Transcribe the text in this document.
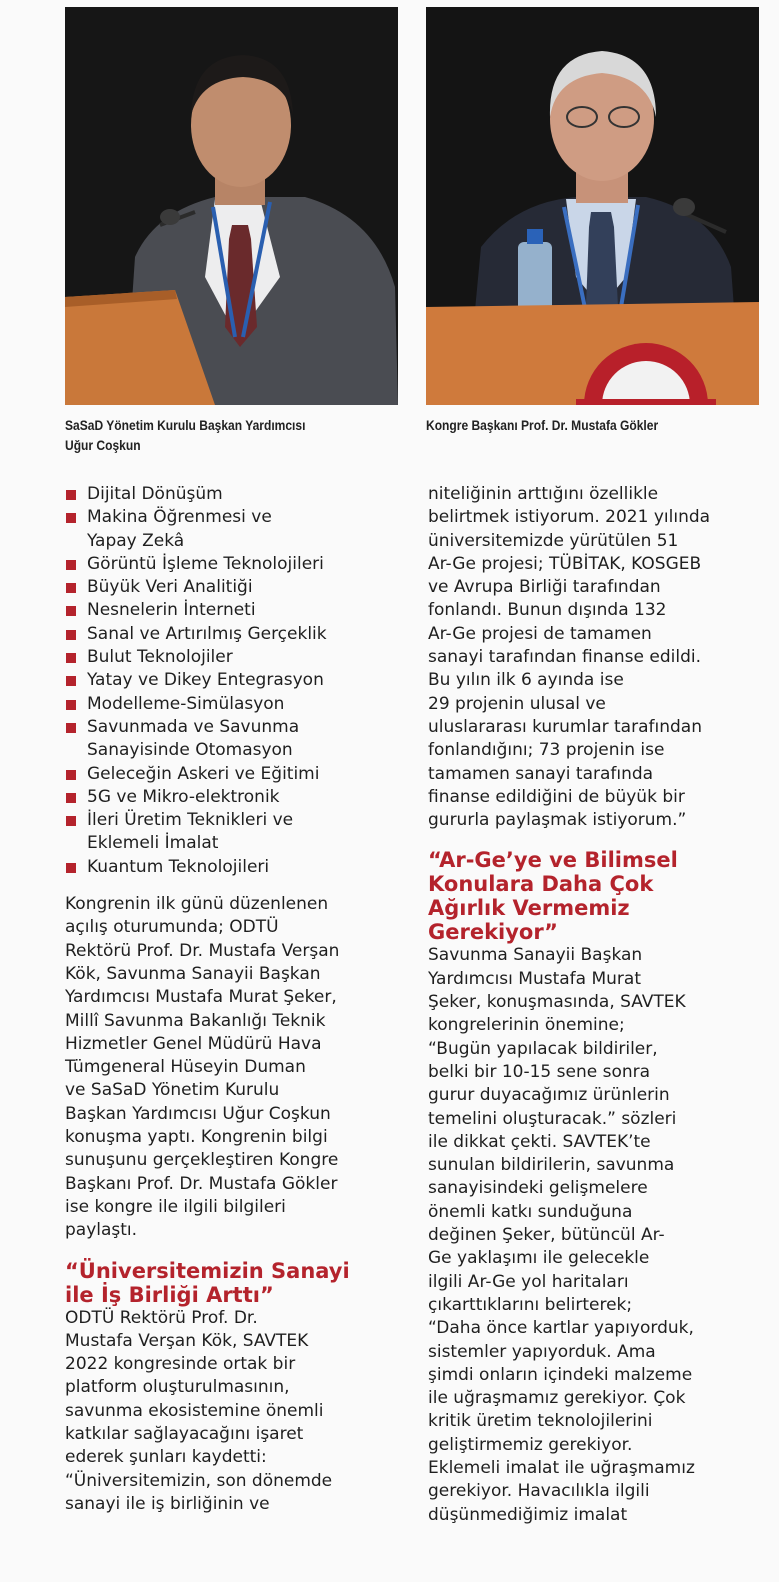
SaSaD Yönetim Kurulu Başkan Yardımcısı
Uğur Coşkun
Kongre Başkanı Prof. Dr. Mustafa Gökler
Dijital Dönüşüm
Makina Öğrenmesi ve
Yapay Zekâ
Görüntü İşleme Teknolojileri
Büyük Veri Analitiği
Nesnelerin İnterneti
Sanal ve Artırılmış Gerçeklik
Bulut Teknolojiler
Yatay ve Dikey Entegrasyon
Modelleme-Simülasyon
Savunmada ve Savunma
Sanayisinde Otomasyon
Geleceğin Askeri ve Eğitimi
5G ve Mikro-elektronik
İleri Üretim Teknikleri ve
Eklemeli İmalat
Kuantum Teknolojileri

Kongrenin ilk günü düzenlenen
açılış oturumunda; ODTÜ
Rektörü Prof. Dr. Mustafa Verşan
Kök, Savunma Sanayii Başkan
Yardımcısı Mustafa Murat Şeker,
Millî Savunma Bakanlığı Teknik
Hizmetler Genel Müdürü Hava
Tümgeneral Hüseyin Duman
ve SaSaD Yönetim Kurulu
Başkan Yardımcısı Uğur Coşkun
konuşma yaptı. Kongrenin bilgi
sunuşunu gerçekleştiren Kongre
Başkanı Prof. Dr. Mustafa Gökler
ise kongre ile ilgili bilgileri
paylaştı.

“Üniversitemizin Sanayi
ile İş Birliği Arttı”

ODTÜ Rektörü Prof. Dr.
Mustafa Verşan Kök, SAVTEK
2022 kongresinde ortak bir
platform oluşturulmasının,
savunma ekosistemine önemli
katkılar sağlayacağını işaret
ederek şunları kaydetti:
“Üniversitemizin, son dönemde
sanayi ile iş birliğinin ve

niteliğinin arttığını özellikle
belirtmek istiyorum. 2021 yılında
üniversitemizde yürütülen 51
Ar-Ge projesi; TÜBİTAK, KOSGEB
ve Avrupa Birliği tarafından
fonlandı. Bunun dışında 132
Ar-Ge projesi de tamamen
sanayi tarafından finanse edildi.
Bu yılın ilk 6 ayında ise
29 projenin ulusal ve
uluslararası kurumlar tarafından
fonlandığını; 73 projenin ise
tamamen sanayi tarafında
finanse edildiğini de büyük bir
gururla paylaşmak istiyorum.”

“Ar-Ge’ye ve Bilimsel
Konulara Daha Çok
Ağırlık Vermemiz
Gerekiyor”

Savunma Sanayii Başkan
Yardımcısı Mustafa Murat
Şeker, konuşmasında, SAVTEK
kongrelerinin önemine;
“Bugün yapılacak bildiriler,
belki bir 10-15 sene sonra
gurur duyacağımız ürünlerin
temelini oluşturacak.” sözleri
ile dikkat çekti. SAVTEK’te
sunulan bildirilerin, savunma
sanayisindeki gelişmelere
önemli katkı sunduğuna
değinen Şeker, bütüncül Ar-
Ge yaklaşımı ile gelecekle
ilgili Ar-Ge yol haritaları
çıkarttıklarını belirterek;
“Daha önce kartlar yapıyorduk,
sistemler yapıyorduk. Ama
şimdi onların içindeki malzeme
ile uğraşmamız gerekiyor. Çok
kritik üretim teknolojilerini
geliştirmemiz gerekiyor.
Eklemeli imalat ile uğraşmamız
gerekiyor. Havacılıkla ilgili
düşünmediğimiz imalat
